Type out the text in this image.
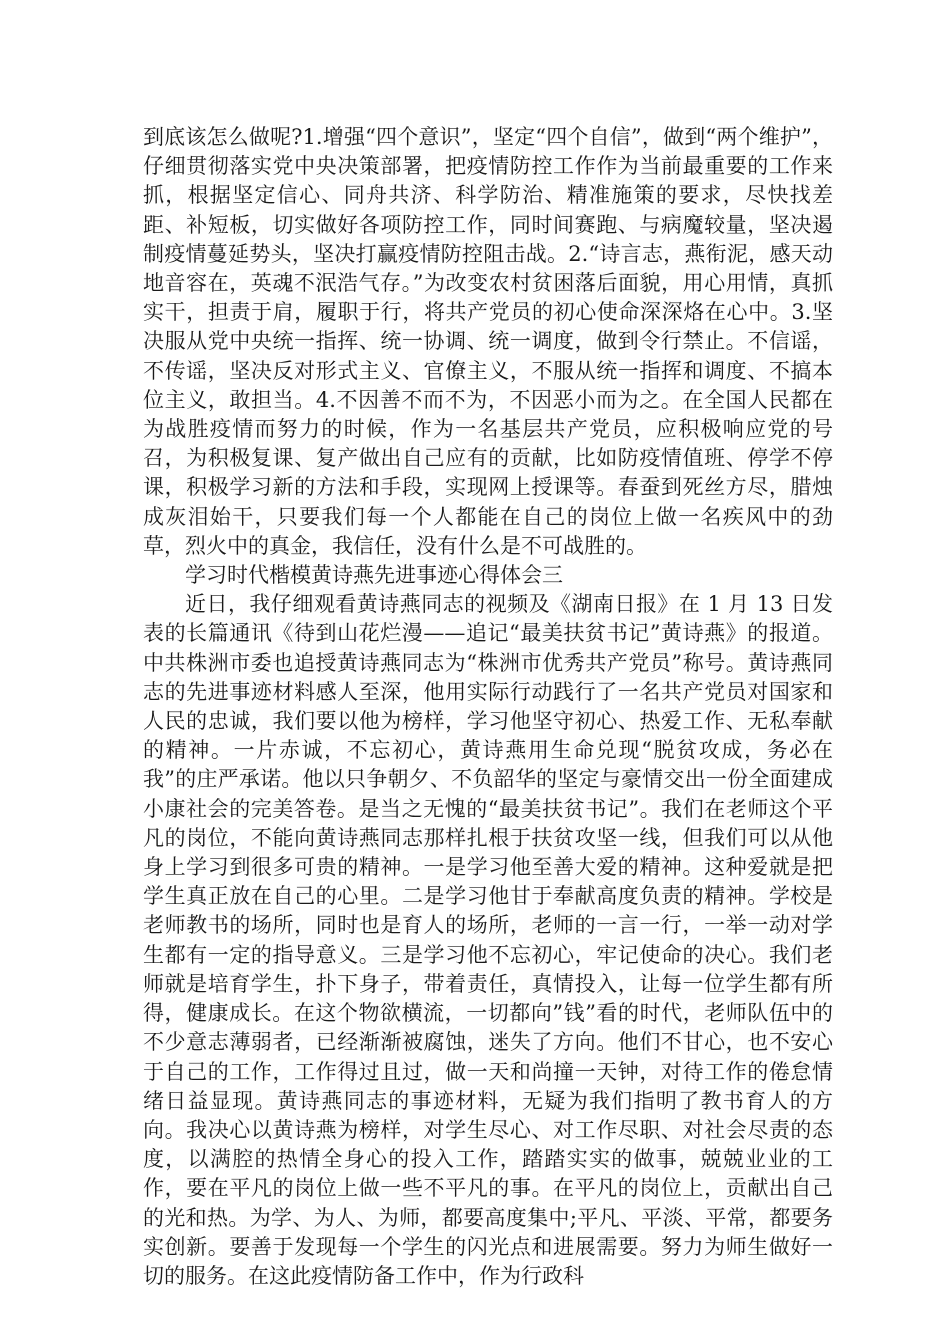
到底该怎么做呢?1.增强“四个意识”，坚定“四个自信”，做到“两个维护”，仔细贯彻落实党中央决策部署，把疫情防控工作作为当前最重要的工作来抓，根据坚定信心、同舟共济、科学防治、精准施策的要求，尽快找差距、补短板，切实做好各项防控工作，同时间赛跑、与病魔较量，坚决遏制疫情蔓延势头，坚决打赢疫情防控阻击战。2.“诗言志，燕衔泥，感天动地音容在，英魂不泯浩气存。”为改变农村贫困落后面貌，用心用情，真抓实干，担责于肩，履职于行，将共产党员的初心使命深深烙在心中。3.坚决服从党中央统一指挥、统一协调、统一调度，做到令行禁止。不信谣，不传谣，坚决反对形式主义、官僚主义，不服从统一指挥和调度、不搞本位主义，敢担当。4.不因善不而不为，不因恶小而为之。在全国人民都在为战胜疫情而努力的时候，作为一名基层共产党员，应积极响应党的号召，为积极复课、复产做出自己应有的贡献，比如防疫情值班、停学不停课，积极学习新的方法和手段，实现网上授课等。春蚕到死丝方尽，腊烛成灰泪始干，只要我们每一个人都能在自己的岗位上做一名疾风中的劲草，烈火中的真金，我信任，没有什么是不可战胜的。

学习时代楷模黄诗燕先进事迹心得体会三

近日，我仔细观看黄诗燕同志的视频及《湖南日报》在 1 月 13 日发表的长篇通讯《待到山花烂漫——追记“最美扶贫书记”黄诗燕》的报道。中共株洲市委也追授黄诗燕同志为“株洲市优秀共产党员”称号。黄诗燕同志的先进事迹材料感人至深，他用实际行动践行了一名共产党员对国家和人民的忠诚，我们要以他为榜样，学习他坚守初心、热爱工作、无私奉献的精神。一片赤诚，不忘初心，黄诗燕用生命兑现“脱贫攻成，务必在我”的庄严承诺。他以只争朝夕、不负韶华的坚定与豪情交出一份全面建成小康社会的完美答卷。是当之无愧的“最美扶贫书记”。我们在老师这个平凡的岗位，不能向黄诗燕同志那样扎根于扶贫攻坚一线，但我们可以从他身上学习到很多可贵的精神。一是学习他至善大爱的精神。这种爱就是把学生真正放在自己的心里。二是学习他甘于奉献高度负责的精神。学校是老师教书的场所，同时也是育人的场所，老师的一言一行，一举一动对学生都有一定的指导意义。三是学习他不忘初心，牢记使命的决心。我们老师就是培育学生，扑下身子，带着责任，真情投入，让每一位学生都有所得，健康成长。在这个物欲横流，一切都向”钱”看的时代，老师队伍中的不少意志薄弱者，已经渐渐被腐蚀，迷失了方向。他们不甘心，也不安心于自己的工作，工作得过且过，做一天和尚撞一天钟，对待工作的倦怠情绪日益显现。黄诗燕同志的事迹材料，无疑为我们指明了教书育人的方向。我决心以黄诗燕为榜样，对学生尽心、对工作尽职、对社会尽责的态度，以满腔的热情全身心的投入工作，踏踏实实的做事，兢兢业业的工作，要在平凡的岗位上做一些不平凡的事。在平凡的岗位上，贡献出自己的光和热。为学、为人、为师，都要高度集中;平凡、平淡、平常，都要务实创新。要善于发现每一个学生的闪光点和进展需要。努力为师生做好一切的服务。在这此疫情防备工作中，作为行政科
